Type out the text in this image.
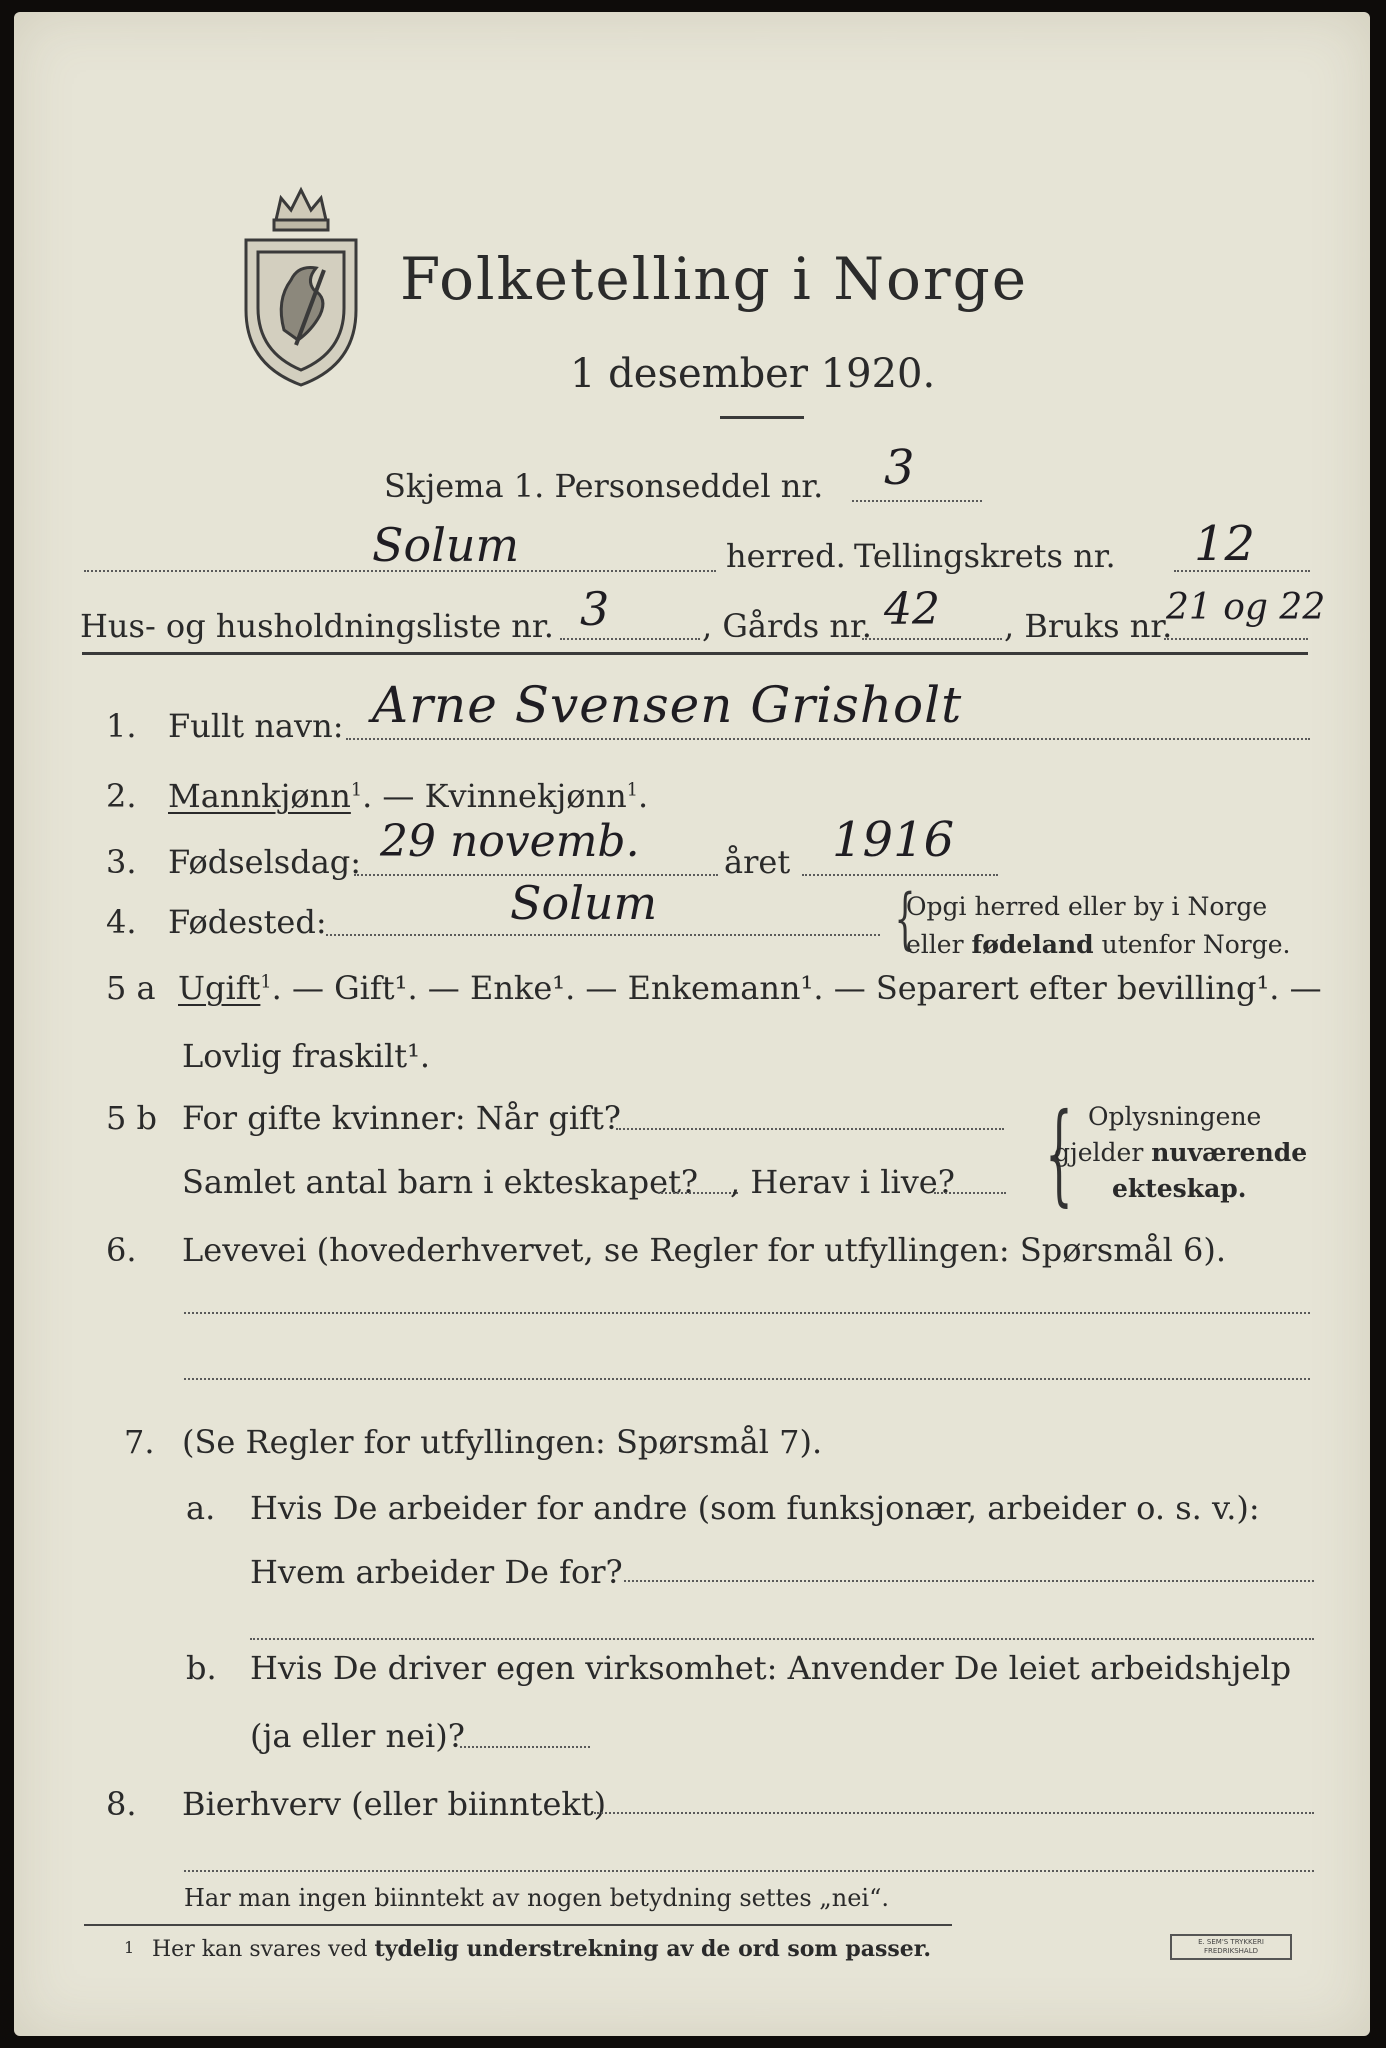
Folketelling i Norge
1 desember 1920.
Skjema 1. Personseddel nr. 3
Solum	herred. Tellingskrets nr. 12
Hus- og husholdningsliste nr. 3	, Gårds nr. 42 , Bruks nr.
21 og 22
1. Fullt navn: Arne Svensen Grisholt
2. Mannkjønn$^1$. — Kvinnekjønn$^1$.
3. Fødselsdag: 29 novemb.	året 1916
4. Fødested:	Solum	{
Opgi herred eller by i Norge
eller fødeland utenfor Norge.
5 a Ugift$^1$. — Gift¹. — Enke¹. — Enkemann¹. — Separert efter bevilling¹. —
Lovlig fraskilt¹.
5 b For gifte kvinner: Når gift?
Samlet antal barn i ekteskapet? , Herav i live? { Oplysningene
gjelder nuværende
ekteskap.
6. Levevei (hovederhvervet, se Regler for utfyllingen: Spørsmål 6).
7. (Se Regler for utfyllingen: Spørsmål 7).
a. Hvis De arbeider for andre (som funksjonær, arbeider o. s. v.):
Hvem arbeider De for?
b. Hvis De driver egen virksomhet: Anvender De leiet arbeidshjelp
(ja eller nei)?
8. Bierhverv (eller biinntekt)
Har man ingen biinntekt av nogen betydning settes „nei“.
1 Her kan svares ved tydelig understrekning av de ord som passer.	E. SEM'S TRYKKERI FREDRIKSHALD
